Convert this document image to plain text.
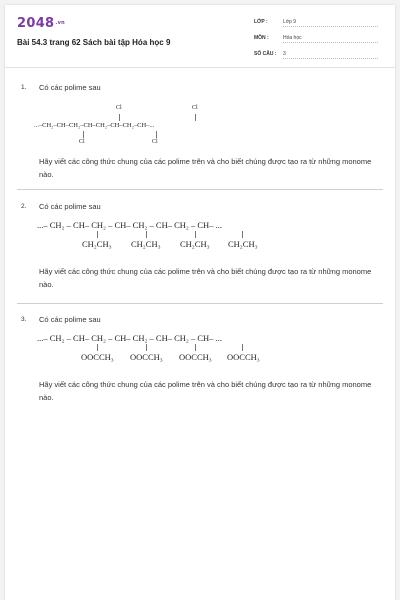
$2048^{.vn}$
Bài 54.3 trang 62 Sách bài tập Hóa học 9
LỚP :	Lớp 9
MÔN :	Hóa học
SỐ CÂU : 3
1. Có các polime sau
Cl	Cl
...–CH₂–CH–CH₂–CH–CH₂–CH–CH₂–CH–...
Cl	Cl
Hãy viết các công thức chung của các polime trên và cho biết chúng được tạo ra từ những monome nào.
2. Có các polime sau
...– CH₂ – CH– CH₂ – CH– CH₂ – CH– CH₂ – CH– ...
CH₂CH₃ CH₂CH₃ CH₂CH₃ CH₂CH₃
Hãy viết các công thức chung của các polime trên và cho biết chúng được tạo ra từ những monome nào.
3. Có các polime sau
...– CH₂ – CH– CH₂ – CH– CH₂ – CH– CH₂ – CH– ...
OOCCH₃ OOCCH₃ OOCCH₃ OOCCH₃
Hãy viết các công thức chung của các polime trên và cho biết chúng được tạo ra từ những monome nào.
